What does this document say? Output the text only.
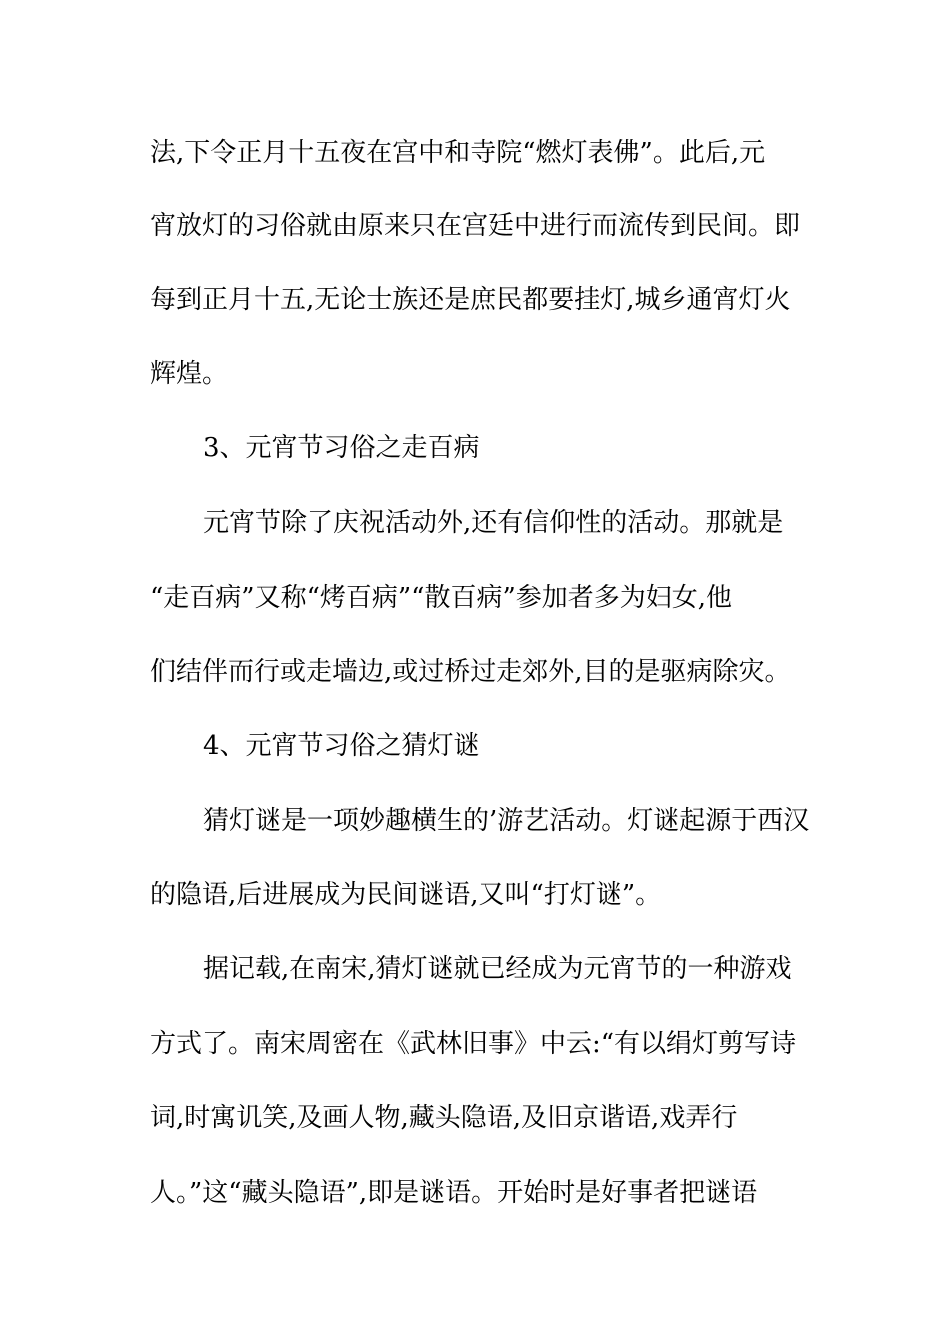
法,下令正月十五夜在宫中和寺院“燃灯表佛”。此后,元
宵放灯的习俗就由原来只在宫廷中进行而流传到民间。即
每到正月十五,无论士族还是庶民都要挂灯,城乡通宵灯火
辉煌。
3、元宵节习俗之走百病
元宵节除了庆祝活动外,还有信仰性的活动。那就是
“走百病”又称“烤百病”“散百病”参加者多为妇女,他
们结伴而行或走墙边,或过桥过走郊外,目的是驱病除灾。
4、元宵节习俗之猜灯谜
猜灯谜是一项妙趣横生的’游艺活动。灯谜起源于西汉
的隐语,后进展成为民间谜语,又叫“打灯谜”。
据记载,在南宋,猜灯谜就已经成为元宵节的一种游戏
方式了。南宋周密在《武林旧事》中云:“有以绢灯剪写诗
词,时寓讥笑,及画人物,藏头隐语,及旧京谐语,戏弄行
人。”这“藏头隐语”,即是谜语。开始时是好事者把谜语
